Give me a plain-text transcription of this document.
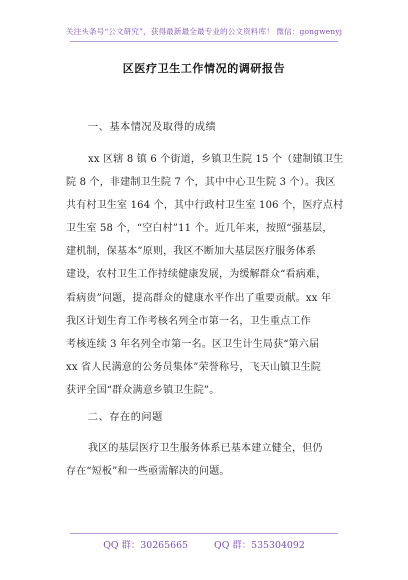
关注头条号“公文研究”，获得最新最全最专业的公文资料库！ 微信：gongwenyj
区医疗卫生工作情况的调研报告
一、基本情况及取得的成绩
xx 区辖 8 镇 6 个街道，乡镇卫生院 15 个（建制镇卫生
院 8 个，非建制卫生院 7 个，其中中心卫生院 3 个）。我区
共有村卫生室 164 个，其中行政村卫生室 106 个，医疗点村
卫生室 58 个，“空白村”11 个。近几年来，按照“强基层，
建机制，保基本”原则，我区不断加大基层医疗服务体系
建设，农村卫生工作持续健康发展，为缓解群众“看病难，
看病贵”问题，提高群众的健康水平作出了重要贡献。xx 年
我区计划生育工作考核名列全市第一名，卫生重点工作
考核连续 3 年名列全市第一名。区卫生计生局获“第六届
xx 省人民满意的公务员集体”荣誉称号，飞天山镇卫生院
获评全国“群众满意乡镇卫生院”。
二、存在的问题
我区的基层医疗卫生服务体系已基本建立健全，但仍
存在“短板”和一些亟需解决的问题。
QQ 群：30265665	QQ 群：535304092
